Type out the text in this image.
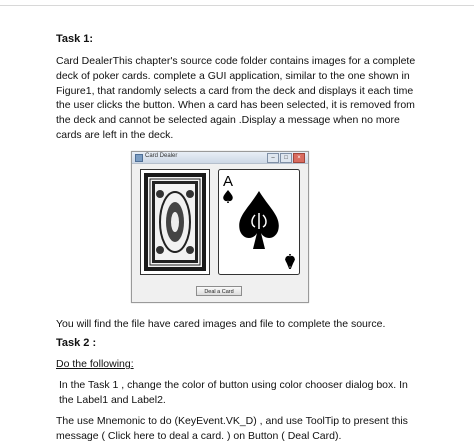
Task 1:
Card DealerThis chapter's source code folder contains images for a complete deck of poker cards. complete a GUI application, similar to the one shown in Figure1, that randomly selects a card from the deck and displays it each time the user clicks the button. When a card has been selected, it is removed from the deck and cannot be selected again .Display a message when no more cards are left in the deck.
Card Dealer	–	□	×
A
A
Deal a Card
You will find the file have cared images and file to complete the source.
Task 2 :
Do the following:
In the Task 1 , change the color of button using color chooser dialog box. In the Label1 and Label2.
The use Mnemonic to do (KeyEvent.VK_D) , and use ToolTip to present this message ( Click here to deal a card. ) on Button ( Deal Card).
